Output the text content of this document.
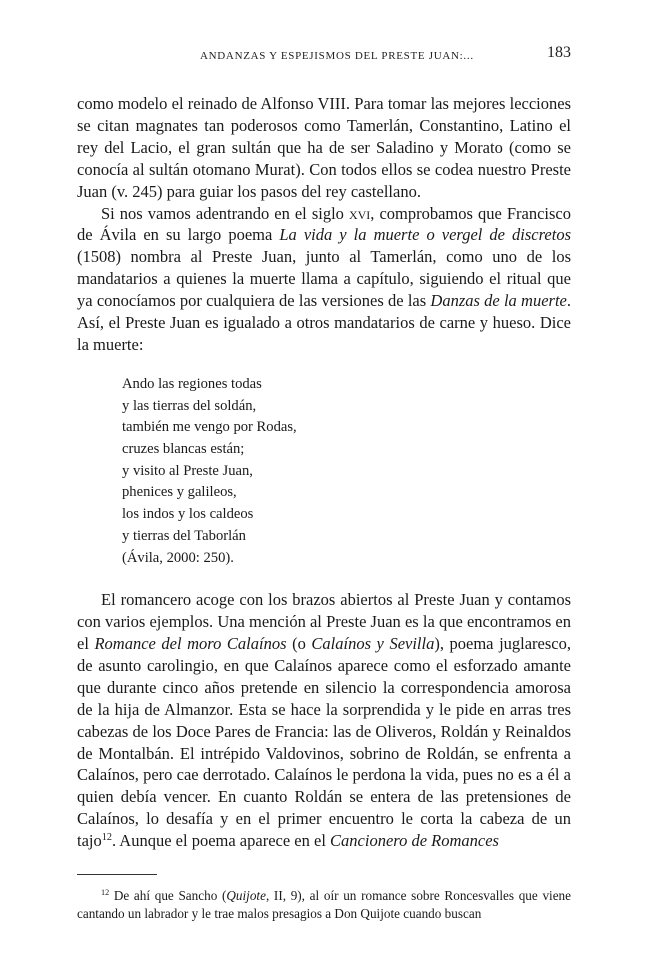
ANDANZAS Y ESPEJISMOS DEL PRESTE JUAN:...	183

como modelo el reinado de Alfonso VIII. Para tomar las mejores lecciones se citan magnates tan poderosos como Tamerlán, Constantino, Latino el rey del Lacio, el gran sultán que ha de ser Saladino y Morato (como se conocía al sultán otomano Murat). Con todos ellos se codea nuestro Preste Juan (v. 245) para guiar los pasos del rey castellano.

Si nos vamos adentrando en el siglo xvi, comprobamos que Francisco de Ávila en su largo poema La vida y la muerte o vergel de discretos (1508) nombra al Preste Juan, junto al Tamerlán, como uno de los mandatarios a quienes la muerte llama a capítulo, siguiendo el ritual que ya conocíamos por cualquiera de las versiones de las Danzas de la muerte. Así, el Preste Juan es igualado a otros mandatarios de carne y hueso. Dice la muerte:

Ando las regiones todas
y las tierras del soldán,
también me vengo por Rodas,
cruzes blancas están;
y visito al Preste Juan,
phenices y galileos,
los indos y los caldeos
y tierras del Taborlán
(Ávila, 2000: 250).

El romancero acoge con los brazos abiertos al Preste Juan y contamos con varios ejemplos. Una mención al Preste Juan es la que encontramos en el Romance del moro Calaínos (o Calaínos y Sevilla), poema juglaresco, de asunto carolingio, en que Calaínos aparece como el esforzado amante que durante cinco años pretende en silencio la correspondencia amorosa de la hija de Almanzor. Esta se hace la sorprendida y le pide en arras tres cabezas de los Doce Pares de Francia: las de Oliveros, Roldán y Reinaldos de Montalbán. El intrépido Valdovinos, sobrino de Roldán, se enfrenta a Calaínos, pero cae derrotado. Calaínos le perdona la vida, pues no es a él a quien debía vencer. En cuanto Roldán se entera de las pretensiones de Calaínos, lo desafía y en el primer encuentro le corta la cabeza de un tajo$^{12}$. Aunque el poema aparece en el Cancionero de Romances

$^{12}$ De ahí que Sancho (Quijote, II, 9), al oír un romance sobre Roncesvalles que viene cantando un labrador y le trae malos presagios a Don Quijote cuando buscan
